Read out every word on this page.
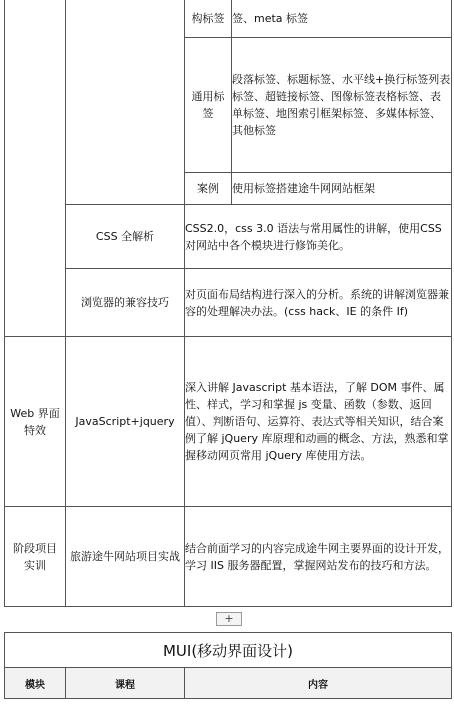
		构标签	签、meta 标签
		通用标签	段落标签、标题标签、水平线+换行标签列表标签、超链接标签、图像标签表格标签、表单标签、地图索引框架标签、多媒体标签、其他标签
		案例	使用标签搭建途牛网网站框架
	CSS 全解析	CSS2.0，css 3.0 语法与常用属性的讲解，使用CSS 对网站中各个模块进行修饰美化。	
	浏览器的兼容技巧	对页面布局结构进行深入的分析。系统的讲解浏览器兼容的处理解决办法。(css hack、IE 的条件 If)	
Web 界面特效	JavaScript+jquery	深入讲解 Javascript 基本语法，了解 DOM 事件、属性、样式，学习和掌握 js 变量、函数（参数、返回值）、判断语句、运算符、表达式等相关知识，结合案例了解 jQuery 库原理和动画的概念、方法，熟悉和掌握移动网页常用 jQuery 库使用方法。	
阶段项目实训	旅游途牛网站项目实战	结合前面学习的内容完成途牛网主要界面的设计开发，学习 IIS 服务器配置，掌握网站发布的技巧和方法。	
+
MUI(移动界面设计)
模块	课程	内容
